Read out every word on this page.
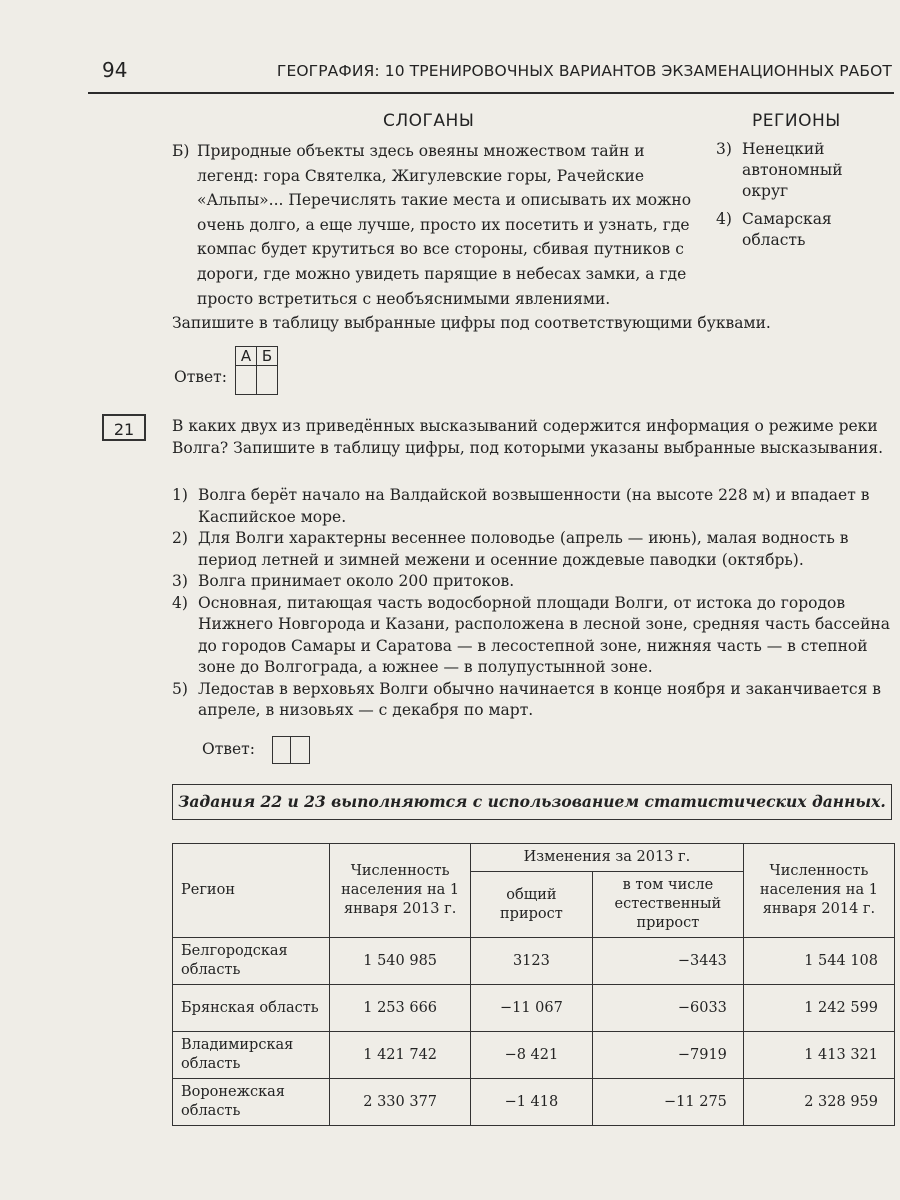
94	ГЕОГРАФИЯ: 10 ТРЕНИРОВОЧНЫХ ВАРИАНТОВ ЭКЗАМЕНАЦИОННЫХ РАБОТ
СЛОГАНЫ	РЕГИОНЫ
Б) Природные объекты здесь овеяны множеством тайн и легенд: гора Святелка, Жигулевские горы, Рачейские «Альпы»... Перечислять такие места и описывать их можно очень долго, а еще лучше, просто их посетить и узнать, где компас будет крутиться во все стороны, сбивая путников с дороги, где можно увидеть парящие в небесах замки, а где просто встретиться с необъяснимыми явлениями.
3) Ненецкий автономный округ
4) Самарская область
Запишите в таблицу выбранные цифры под соответствующими буквами.
Ответ:
А	Б

21	В каких двух из приведённых высказываний содержится информация о режиме реки Волга? Запишите в таблицу цифры, под которыми указаны выбранные высказывания.
1) Волга берёт начало на Валдайской возвышенности (на высоте 228 м) и впадает в Каспийское море.
2) Для Волги характерны весеннее половодье (апрель — июнь), малая водность в период летней и зимней межени и осенние дождевые паводки (октябрь).
3) Волга принимает около 200 притоков.
4) Основная, питающая часть водосборной площади Волги, от истока до городов Нижнего Новгорода и Казани, расположена в лесной зоне, средняя часть бассейна до городов Самары и Саратова — в лесостепной зоне, нижняя часть — в степной зоне до Волгограда, а южнее — в полупустынной зоне.
5) Ледостав в верховьях Волги обычно начинается в конце ноября и заканчивается в апреле, в низовьях — с декабря по март.
Ответ:
Задания 22 и 23 выполняются с использованием статистических данных.
Регион	Численность населения на 1 января 2013 г.	Изменения за 2013 г.		Численность населения на 1 января 2014 г.
		общий прирост	в том числе естественный прирост	
Белгородская область	1 540 985	3123	−3443	1 544 108
Брянская область	1 253 666	−11 067	−6033	1 242 599
Владимирская область	1 421 742	−8 421	−7919	1 413 321
Воронежская область	2 330 377	−1 418	−11 275	2 328 959
